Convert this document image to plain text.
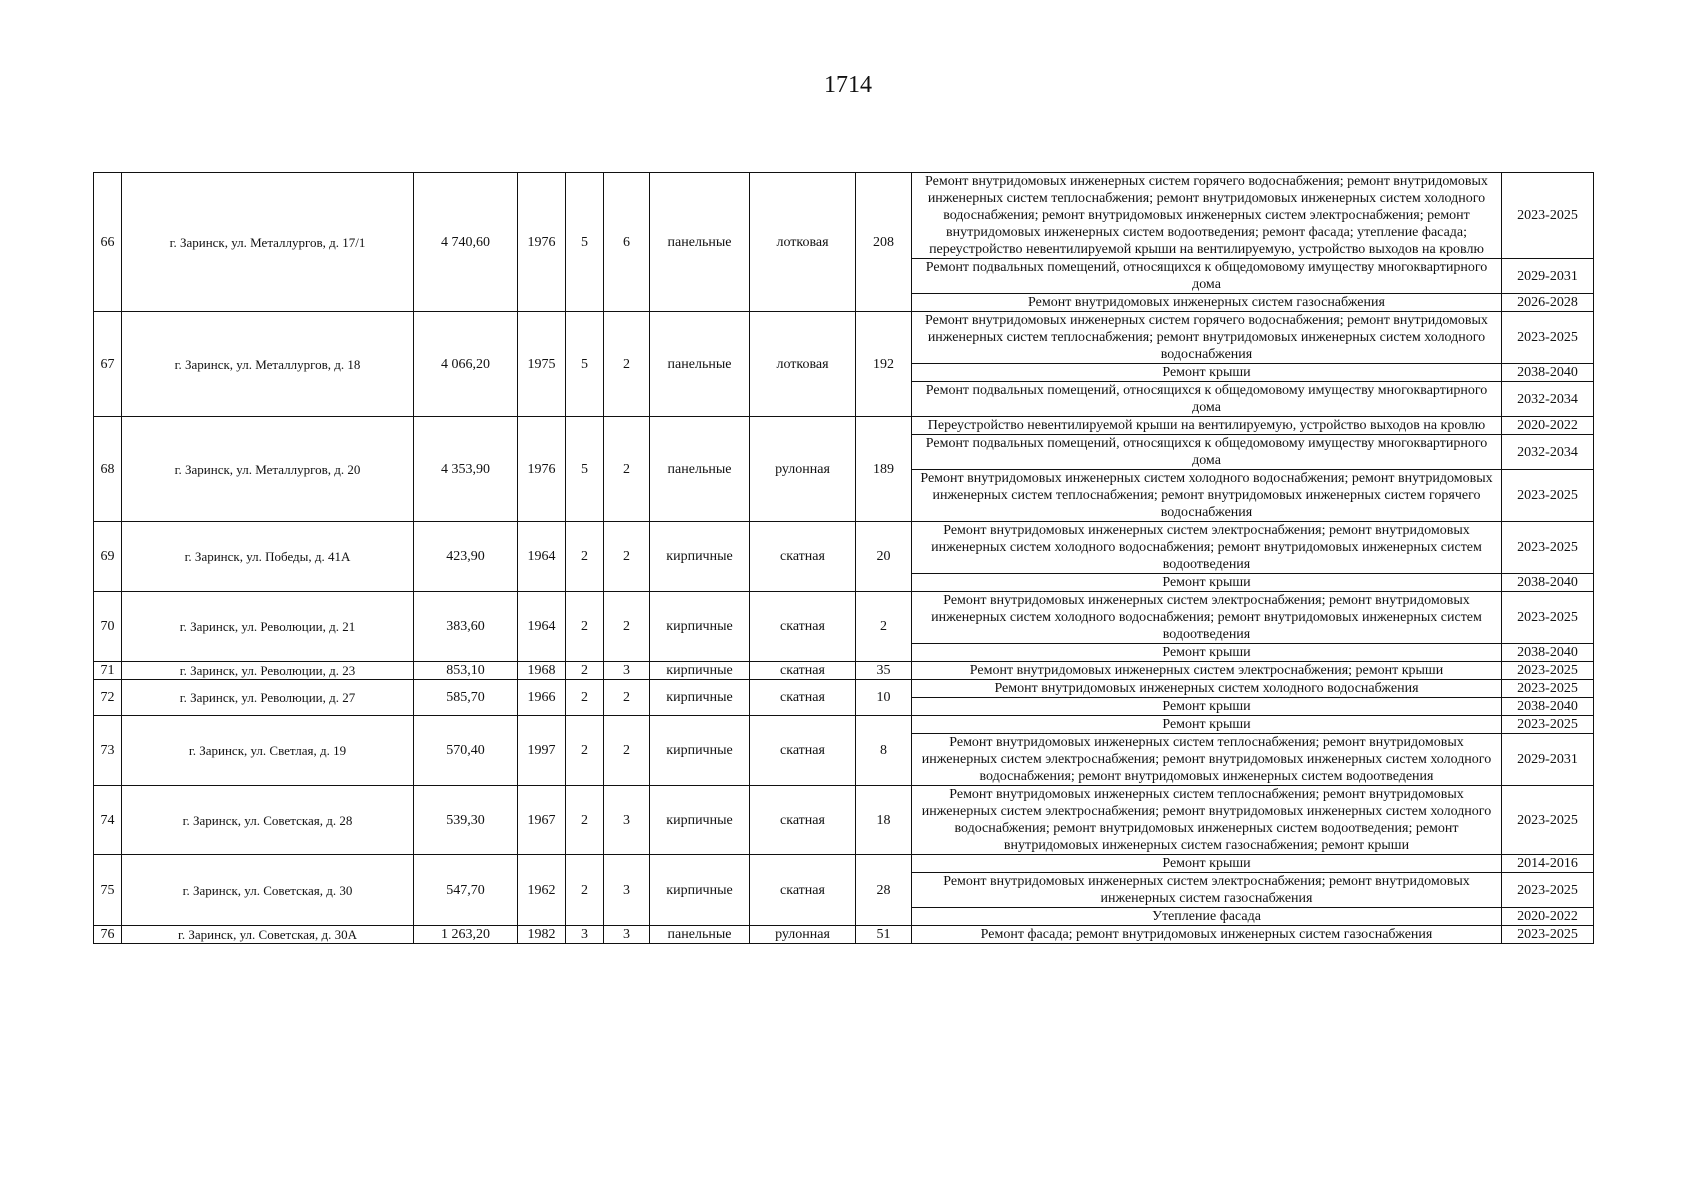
1714
66	г. Заринск, ул. Металлургов, д. 17/1	4 740,60	1976	5	6	панельные	лотковая	208	Ремонт внутридомовых инженерных систем горячего водоснабжения; ремонт внутридомовых инженерных систем теплоснабжения; ремонт внутридомовых инженерных систем холодного водоснабжения; ремонт внутридомовых инженерных систем электроснабжения; ремонт внутридомовых инженерных систем водоотведения; ремонт фасада; утепление фасада; переустройство невентилируемой крыши на вентилируемую, устройство выходов на кровлю	2023-2025
									Ремонт подвальных помещений, относящихся к общедомовому имуществу многоквартирного дома	2029-2031
									Ремонт внутридомовых инженерных систем газоснабжения	2026-2028
67	г. Заринск, ул. Металлургов, д. 18	4 066,20	1975	5	2	панельные	лотковая	192	Ремонт внутридомовых инженерных систем горячего водоснабжения; ремонт внутридомовых инженерных систем теплоснабжения; ремонт внутридомовых инженерных систем холодного водоснабжения	2023-2025
									Ремонт крыши	2038-2040
									Ремонт подвальных помещений, относящихся к общедомовому имуществу многоквартирного дома	2032-2034
68	г. Заринск, ул. Металлургов, д. 20	4 353,90	1976	5	2	панельные	рулонная	189	Переустройство невентилируемой крыши на вентилируемую, устройство выходов на кровлю	2020-2022
									Ремонт подвальных помещений, относящихся к общедомовому имуществу многоквартирного дома	2032-2034
									Ремонт внутридомовых инженерных систем холодного водоснабжения; ремонт внутридомовых инженерных систем теплоснабжения; ремонт внутридомовых инженерных систем горячего водоснабжения	2023-2025
69	г. Заринск, ул. Победы, д. 41А	423,90	1964	2	2	кирпичные	скатная	20	Ремонт внутридомовых инженерных систем электроснабжения; ремонт внутридомовых инженерных систем холодного водоснабжения; ремонт внутридомовых инженерных систем водоотведения	2023-2025
									Ремонт крыши	2038-2040
70	г. Заринск, ул. Революции, д. 21	383,60	1964	2	2	кирпичные	скатная	2	Ремонт внутридомовых инженерных систем электроснабжения; ремонт внутридомовых инженерных систем холодного водоснабжения; ремонт внутридомовых инженерных систем водоотведения	2023-2025
									Ремонт крыши	2038-2040
71	г. Заринск, ул. Революции, д. 23	853,10	1968	2	3	кирпичные	скатная	35	Ремонт внутридомовых инженерных систем электроснабжения; ремонт крыши	2023-2025
72	г. Заринск, ул. Революции, д. 27	585,70	1966	2	2	кирпичные	скатная	10	Ремонт внутридомовых инженерных систем холодного водоснабжения	2023-2025
									Ремонт крыши	2038-2040
73	г. Заринск, ул. Светлая, д. 19	570,40	1997	2	2	кирпичные	скатная	8	Ремонт крыши	2023-2025
									Ремонт внутридомовых инженерных систем теплоснабжения; ремонт внутридомовых инженерных систем электроснабжения; ремонт внутридомовых инженерных систем холодного водоснабжения; ремонт внутридомовых инженерных систем водоотведения	2029-2031
74	г. Заринск, ул. Советская, д. 28	539,30	1967	2	3	кирпичные	скатная	18	Ремонт внутридомовых инженерных систем теплоснабжения; ремонт внутридомовых инженерных систем электроснабжения; ремонт внутридомовых инженерных систем холодного водоснабжения; ремонт внутридомовых инженерных систем водоотведения; ремонт внутридомовых инженерных систем газоснабжения; ремонт крыши	2023-2025
75	г. Заринск, ул. Советская, д. 30	547,70	1962	2	3	кирпичные	скатная	28	Ремонт крыши	2014-2016
									Ремонт внутридомовых инженерных систем электроснабжения; ремонт внутридомовых инженерных систем газоснабжения	2023-2025
									Утепление фасада	2020-2022
76	г. Заринск, ул. Советская, д. 30А	1 263,20	1982	3	3	панельные	рулонная	51	Ремонт фасада; ремонт внутридомовых инженерных систем газоснабжения	2023-2025
